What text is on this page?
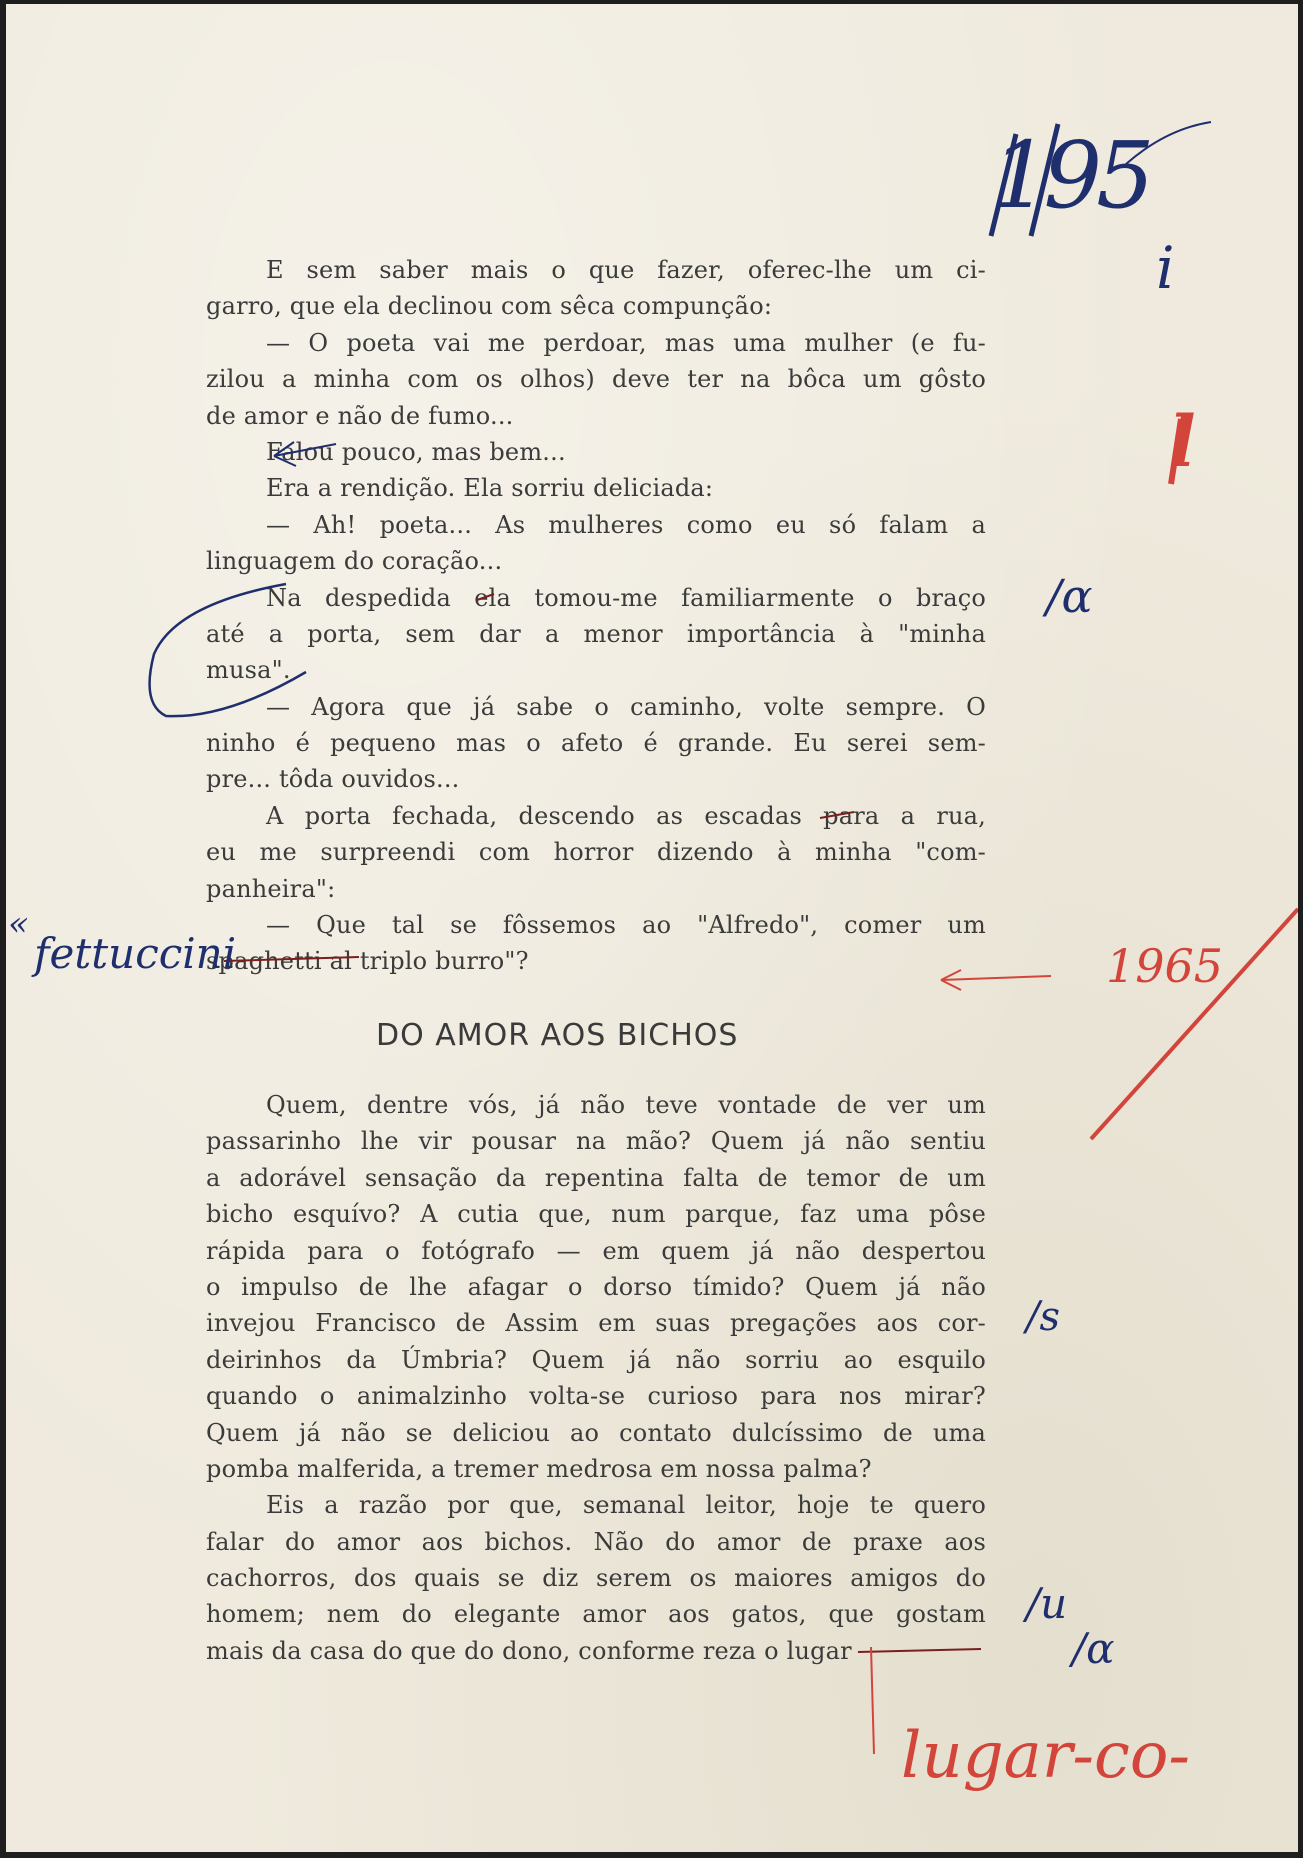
E sem saber mais o que fazer, oferec-lhe um ci-
garro, que ela declinou com sêca compunção:
— O poeta vai me perdoar, mas uma mulher (e fu-
zilou a minha com os olhos) deve ter na bôca um gôsto
de amor e não de fumo...
Falou pouco, mas bem...
Era a rendição. Ela sorriu deliciada:
— Ah! poeta... As mulheres como eu só falam a
linguagem do coração...
Na despedida ela tomou-me familiarmente o braço
até a porta, sem dar a menor importância à "minha
musa".
— Agora que já sabe o caminho, volte sempre. O
ninho é pequeno mas o afeto é grande. Eu serei sem-
pre... tôda ouvidos...
A porta fechada, descendo as escadas para a rua,
eu me surpreendi com horror dizendo à minha "com-
panheira":
— Que tal se fôssemos ao "Alfredo", comer um
spaghetti al triplo burro"?
DO AMOR AOS BICHOS
Quem, dentre vós, já não teve vontade de ver um
passarinho lhe vir pousar na mão? Quem já não sentiu
a adorável sensação da repentina falta de temor de um
bicho esquívo? A cutia que, num parque, faz uma pôse
rápida para o fotógrafo — em quem já não despertou
o impulso de lhe afagar o dorso tímido? Quem já não
invejou Francisco de Assim em suas pregações aos cor-
deirinhos da Úmbria? Quem já não sorriu ao esquilo
quando o animalzinho volta-se curioso para nos mirar?
Quem já não se deliciou ao contato dulcíssimo de uma
pomba malferida, a tremer medrosa em nossa palma?
Eis a razão por que, semanal leitor, hoje te quero
falar do amor aos bichos. Não do amor de praxe aos
cachorros, dos quais se diz serem os maiores amigos do
homem; nem do elegante amor aos gatos, que gostam
mais da casa do que do dono, conforme reza o lugar
195
i
l
/ɑ
«
fettuccini	1965
/s
/u
/ɑ
lugar-co-
